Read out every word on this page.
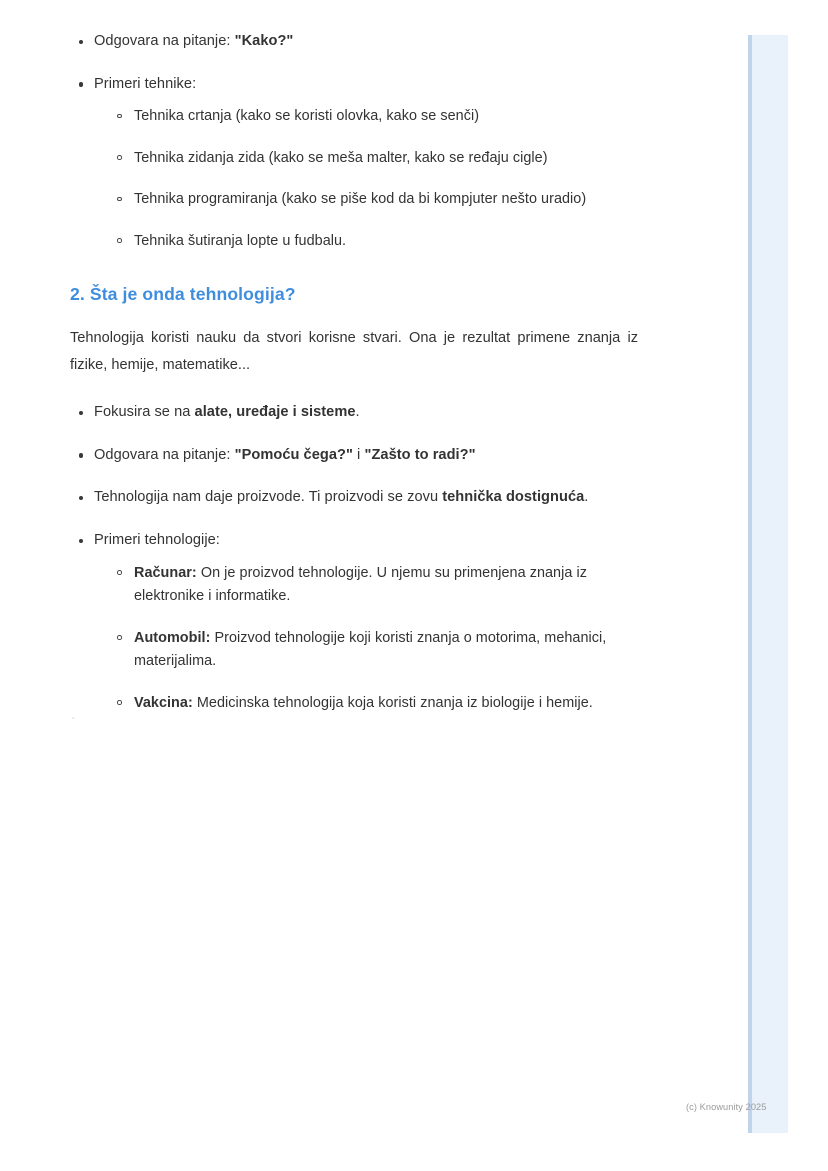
Odgovara na pitanje: "Kako?"
Primeri tehnike:
Tehnika crtanja (kako se koristi olovka, kako se senči)
Tehnika zidanja zida (kako se meša malter, kako se ređaju cigle)
Tehnika programiranja (kako se piše kod da bi kompjuter nešto uradio)
Tehnika šutiranja lopte u fudbalu.
2. Šta je onda tehnologija?

Tehnologija koristi nauku da stvori korisne stvari. Ona je rezultat primene znanja iz fizike, hemije, matematike...

Fokusira se na alate, uređaje i sisteme.
Odgovara na pitanje: "Pomoću čega?" i "Zašto to radi?"
Tehnologija nam daje proizvode. Ti proizvodi se zovu tehnička dostignuća.
Primeri tehnologije:
Računar: On je proizvod tehnologije. U njemu su primenjena znanja iz elektronike i informatike.
Automobil: Proizvod tehnologije koji koristi znanja o motorima, mehanici, materijalima.
Vakcina: Medicinska tehnologija koja koristi znanja iz biologije i hemije.
`
(c) Knowunity 2025
